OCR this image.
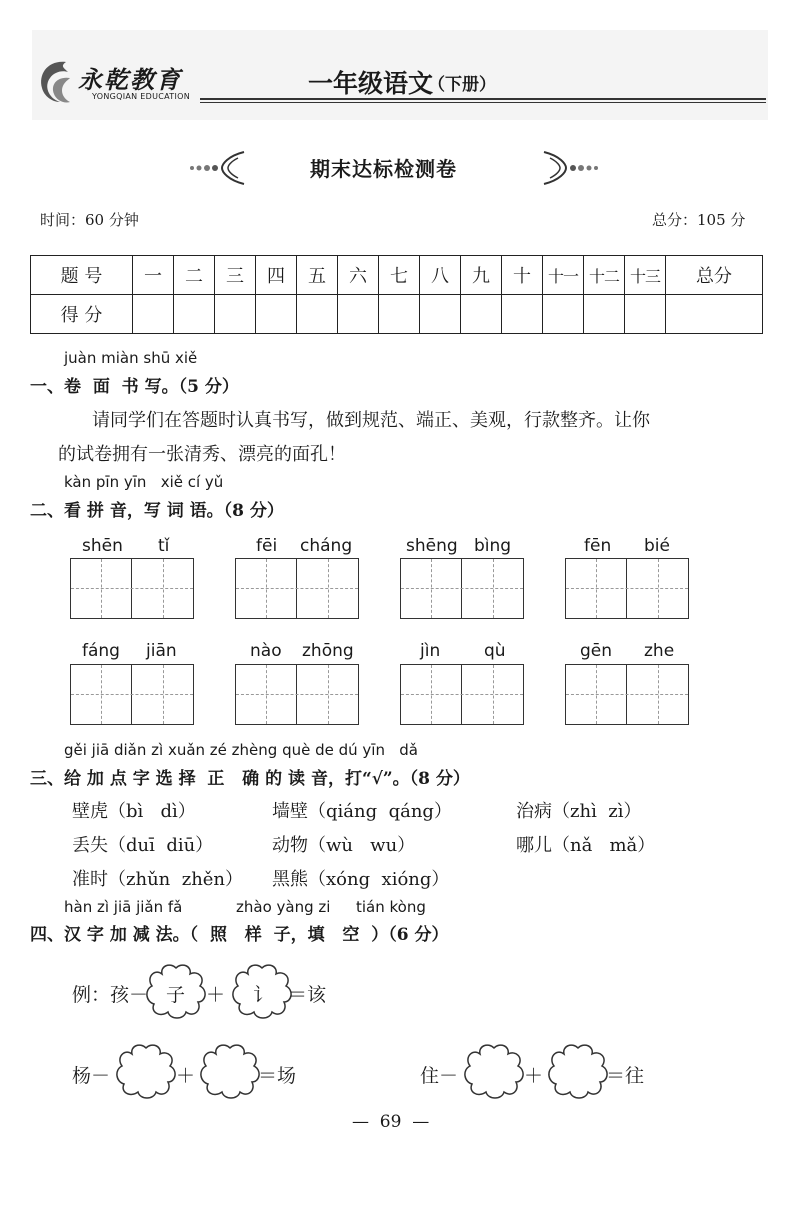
永乾教育
YONGQIAN EDUCATION	一年级语文
（下册）
期末达标检测卷
时间：60 分钟	总分：105 分
题 号	一	二	三	四	五	六	七	八	九	十	十一	十二	十三	总分
得 分														
juàn miàn shū xiě
一、卷  面  书 写。（5 分）
请同学们在答题时认真书写，做到规范、端正、美观，行款整齐。让你
的试卷拥有一张清秀、漂亮的面孔！
kàn pīn yīn   xiě cí yǔ
二、看 拼 音，写 词 语。（8 分）
shēn tǐ	fēi cháng	shēng bìng	fēn bié
fáng jiān	nào zhōng	jìn	qù	gēn zhe
gěi jiā diǎn zì xuǎn zé zhèng què de dú yīn   dǎ
三、给 加 点 字 选 择  正   确 的 读 音，打“√”。（8 分）
壁虎（bì   dì）	墙壁（qiáng  qáng）	治病（zhì  zì）
丢失（duī  diū）	动物（wù   wu）	哪儿（nǎ   mǎ）
准时（zhǔn  zhěn） 黑熊（xóng  xióng）
hàn zì jiā jiǎn fǎ	zhào yàng zi tián kòng
四、汉 字 加 减 法。（  照   样  子，填   空  ）（6 分）
例：孩－ 子 ＋ 讠 ＝该
杨－	＋	＝场	住－	＋	＝往
—  69  —
